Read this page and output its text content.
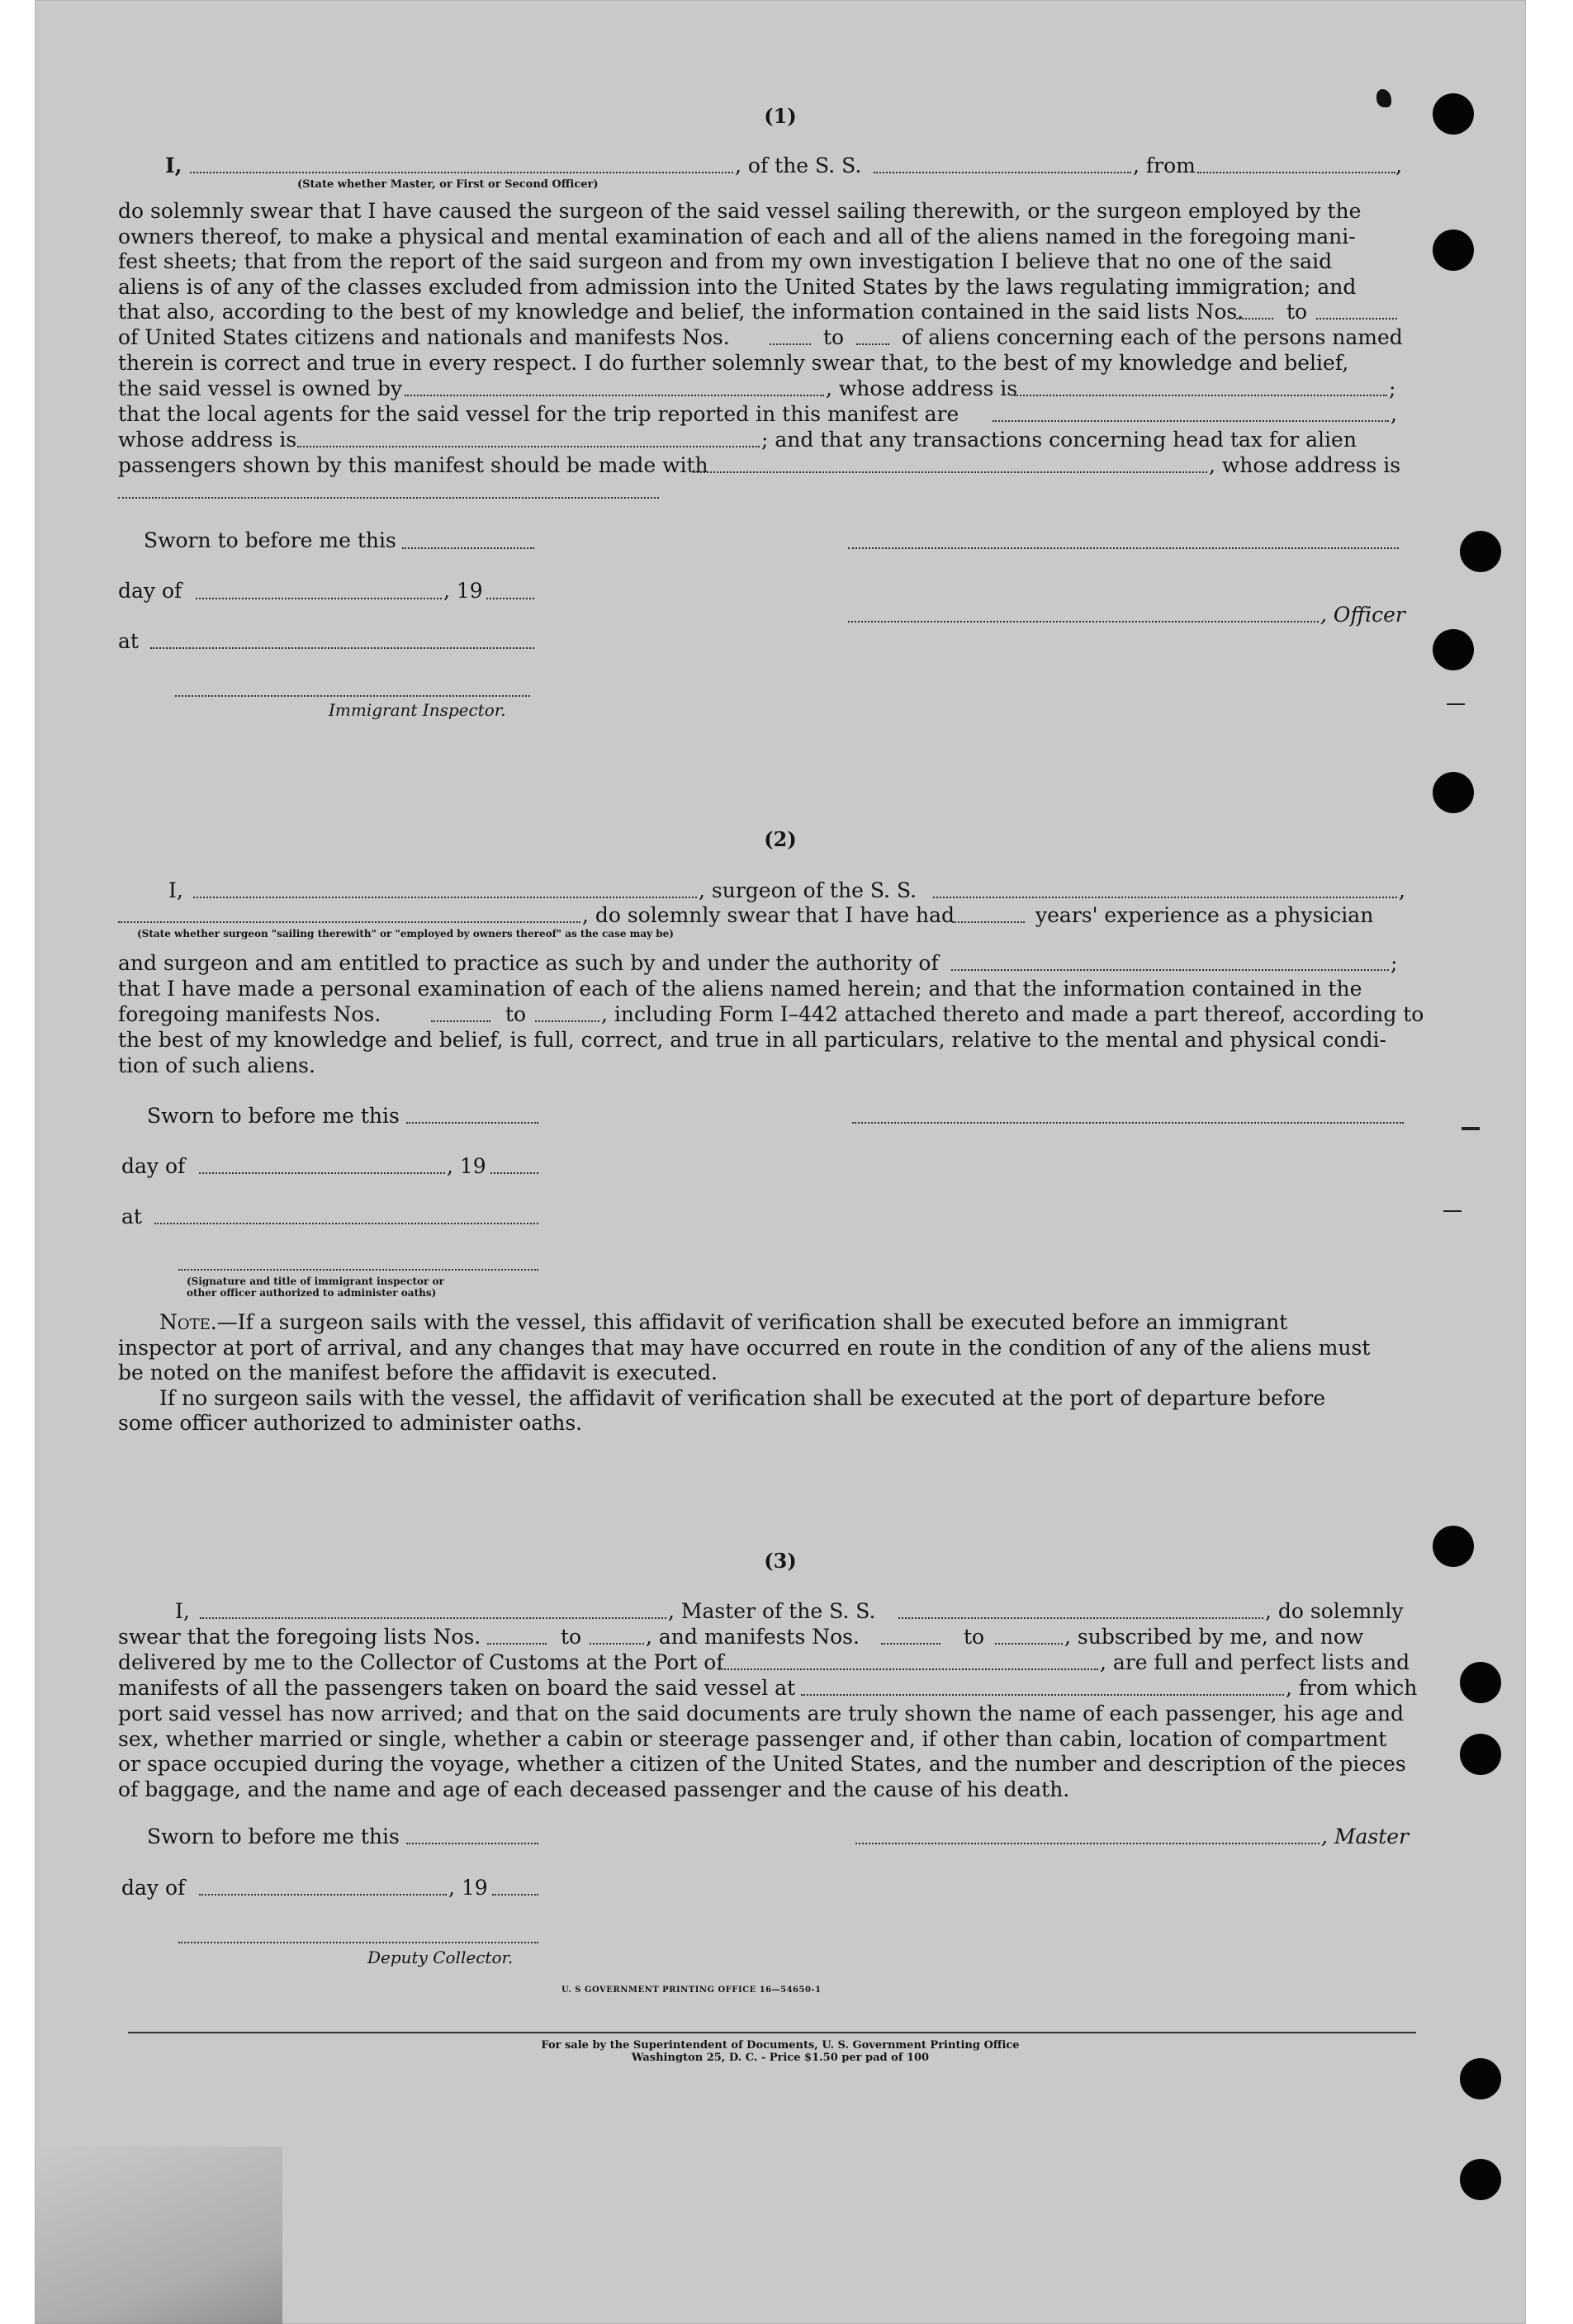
(1)
I,	, of the S. S.	, from	,
(State whether Master, or First or Second Officer)
do solemnly swear that I have caused the surgeon of the said vessel sailing therewith, or the surgeon employed by the
owners thereof, to make a physical and mental examination of each and all of the aliens named in the foregoing mani-
fest sheets; that from the report of the said surgeon and from my own investigation I believe that no one of the said
aliens is of any of the classes excluded from admission into the United States by the laws regulating immigration; and
that also, according to the best of my knowledge and belief, the information contained in the said lists Nos. to
of United States citizens and nationals and manifests Nos.	to	of aliens concerning each of the persons named
therein is correct and true in every respect. I do further solemnly swear that, to the best of my knowledge and belief,
the said vessel is owned by	, whose address is	;
that the local agents for the said vessel for the trip reported in this manifest are	,
whose address is	; and that any transactions concerning head tax for alien
passengers shown by this manifest should be made with	, whose address is
Sworn to before me this
day of	, 19
, Officer
at
Immigrant Inspector.
(2)
I,	, surgeon of the S. S.	,
, do solemnly swear that I have had	years' experience as a physician
(State whether surgeon "sailing therewith" or "employed by owners thereof" as the case may be)
and surgeon and am entitled to practice as such by and under the authority of	;
that I have made a personal examination of each of the aliens named herein; and that the information contained in the
foregoing manifests Nos.	to	, including Form I–442 attached thereto and made a part thereof, according to
the best of my knowledge and belief, is full, correct, and true in all particulars, relative to the mental and physical condi-
tion of such aliens.
Sworn to before me this
day of	, 19
at
(Signature and title of immigrant inspector or
other officer authorized to administer oaths)
Note.—If a surgeon sails with the vessel, this affidavit of verification shall be executed before an immigrant
inspector at port of arrival, and any changes that may have occurred en route in the condition of any of the aliens must
be noted on the manifest before the affidavit is executed.
If no surgeon sails with the vessel, the affidavit of verification shall be executed at the port of departure before
some officer authorized to administer oaths.
(3)
I,	, Master of the S. S.	, do solemnly
swear that the foregoing lists Nos.	to	, and manifests Nos.	to	, subscribed by me, and now
delivered by me to the Collector of Customs at the Port of	, are full and perfect lists and
manifests of all the passengers taken on board the said vessel at	, from which
port said vessel has now arrived; and that on the said documents are truly shown the name of each passenger, his age and
sex, whether married or single, whether a cabin or steerage passenger and, if other than cabin, location of compartment
or space occupied during the voyage, whether a citizen of the United States, and the number and description of the pieces
of baggage, and the name and age of each deceased passenger and the cause of his death.
Sworn to before me this	, Master
day of	, 19
Deputy Collector.
U. S GOVERNMENT PRINTING OFFICE 16—54650-1
For sale by the Superintendent of Documents, U. S. Government Printing Office
Washington 25, D. C. - Price $1.50 per pad of 100
